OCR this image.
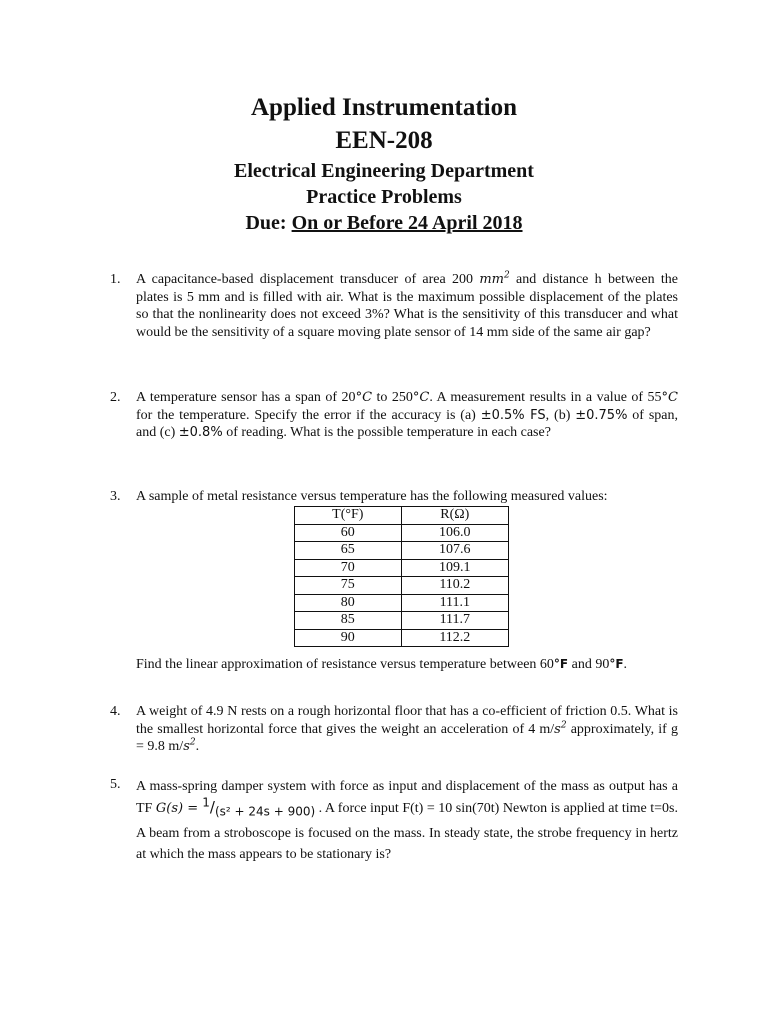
Applied Instrumentation
EEN-208
Electrical Engineering Department
Practice Problems
Due: On or Before 24 April 2018
1. A capacitance-based displacement transducer of area 200 $mm^2$ and distance h between the plates is 5 mm and is filled with air. What is the maximum possible displacement of the plates so that the nonlinearity does not exceed 3%? What is the sensitivity of this transducer and what would be the sensitivity of a square moving plate sensor of 14 mm side of the same air gap?
2. A temperature sensor has a span of 20°C to 250°C. A measurement results in a value of 55°C for the temperature. Specify the error if the accuracy is (a) ±0.5% FS, (b) ±0.75% of span, and (c) ±0.8% of reading. What is the possible temperature in each case?
3. A sample of metal resistance versus temperature has the following measured values:
T(°F)	R(Ω)
60	106.0
65	107.6
70	109.1
75	110.2
80	111.1
85	111.7
90	112.2
Find the linear approximation of resistance versus temperature between 60°F and 90°F.
4. A weight of 4.9 N rests on a rough horizontal floor that has a co-efficient of friction 0.5. What is the smallest horizontal force that gives the weight an acceleration of 4 $m/s^2$ approximately, if g = 9.8 $m/s^2$.
5. A mass-spring damper system with force as input and displacement of the mass as output has a TF $G(s) = ^1/_{(s^2 + 24s + 900)}$ . A force input F(t) = 10 sin(70t) Newton is applied at time t=0s. A beam from a stroboscope is focused on the mass. In steady state, the strobe frequency in hertz at which the mass appears to be stationary is?
